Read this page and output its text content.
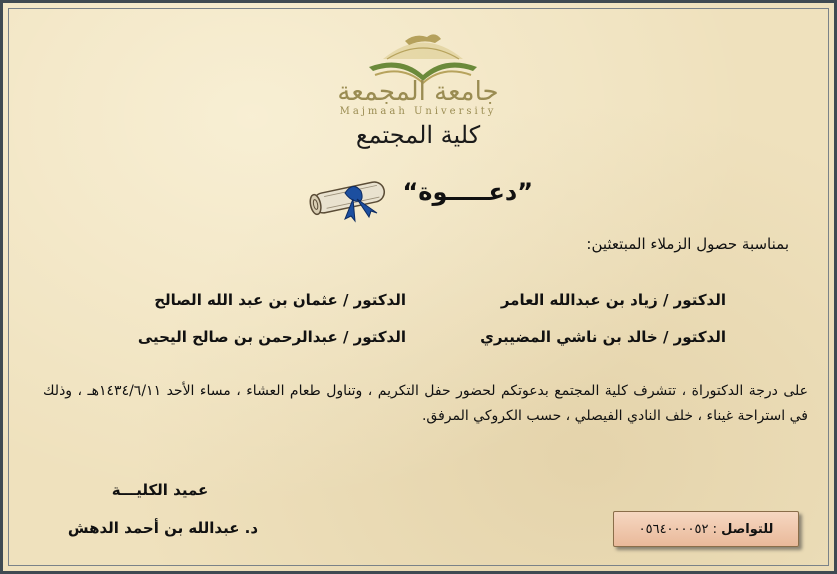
جامعة المجمعة
Majmaah University
كلية المجتمع
”دعـــــوة“
بمناسبة حصول الزملاء المبتعثين:
الدكتور / زياد بن عبدالله العامر
الدكتور / عثمان بن عبد الله الصالح
الدكتور / خالد بن ناشي المضيبري
الدكتور / عبدالرحمن بن صالح اليحيى
على درجة الدكتوراة ، تتشرف كلية المجتمع بدعوتكم لحضور حفل التكريم ، وتناول طعام العشاء ، مساء الأحد ١٤٣٤/٦/١١هـ ، وذلك في استراحة غيناء ، خلف النادي الفيصلي ، حسب الكروكي المرفق.
عميد الكليـــة
د. عبدالله بن أحمد الدهش	للتواصل
:
٠٥٦٤٠٠٠٠٥٢
